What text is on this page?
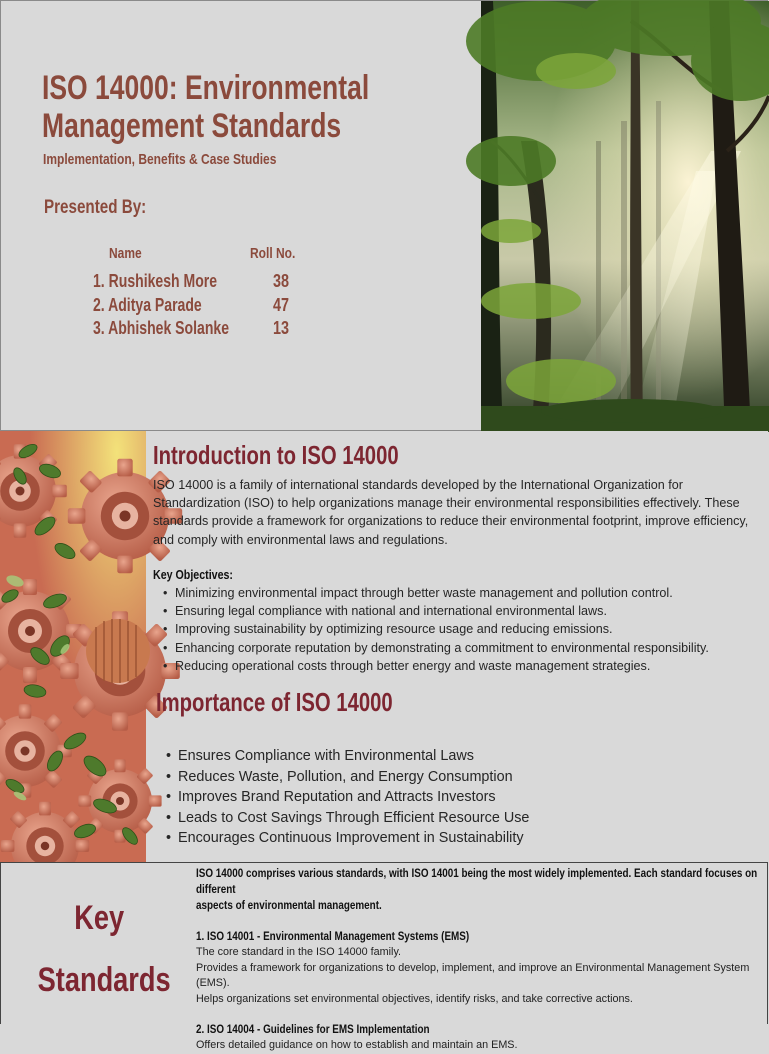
ISO 14000: Environmental
Management Standards
Implementation, Benefits & Case Studies
Presented By:
Name	Roll No.
1. Rushikesh More	38
2. Aditya Parade	47
3. Abhishek Solanke 13
Introduction to ISO 14000

ISO 14000 is a family of international standards developed by the International Organization for Standardization (ISO) to help organizations manage their environmental responsibilities effectively. These standards provide a framework for organizations to reduce their environmental footprint, improve efficiency, and comply with environmental laws and regulations.

Key Objectives:
• Minimizing environmental impact through better waste management and pollution control.
• Ensuring legal compliance with national and international environmental laws.
• Improving sustainability by optimizing resource usage and reducing emissions.
• Enhancing corporate reputation by demonstrating a commitment to environmental responsibility.
• Reducing operational costs through better energy and waste management strategies.
Importance of ISO 14000
• Ensures Compliance with Environmental Laws
• Reduces Waste, Pollution, and Energy Consumption
• Improves Brand Reputation and Attracts Investors
• Leads to Cost Savings Through Efficient Resource Use
• Encourages Continuous Improvement in Sustainability
Key
Standards
ISO 14000 comprises various standards, with ISO 14001 being the most widely implemented. Each standard focuses on different
aspects of environmental management.
1. ISO 14001 - Environmental Management Systems (EMS)
The core standard in the ISO 14000 family.
Provides a framework for organizations to develop, implement, and improve an Environmental Management System
(EMS).
Helps organizations set environmental objectives, identify risks, and take corrective actions.
2. ISO 14004 - Guidelines for EMS Implementation
Offers detailed guidance on how to establish and maintain an EMS.
